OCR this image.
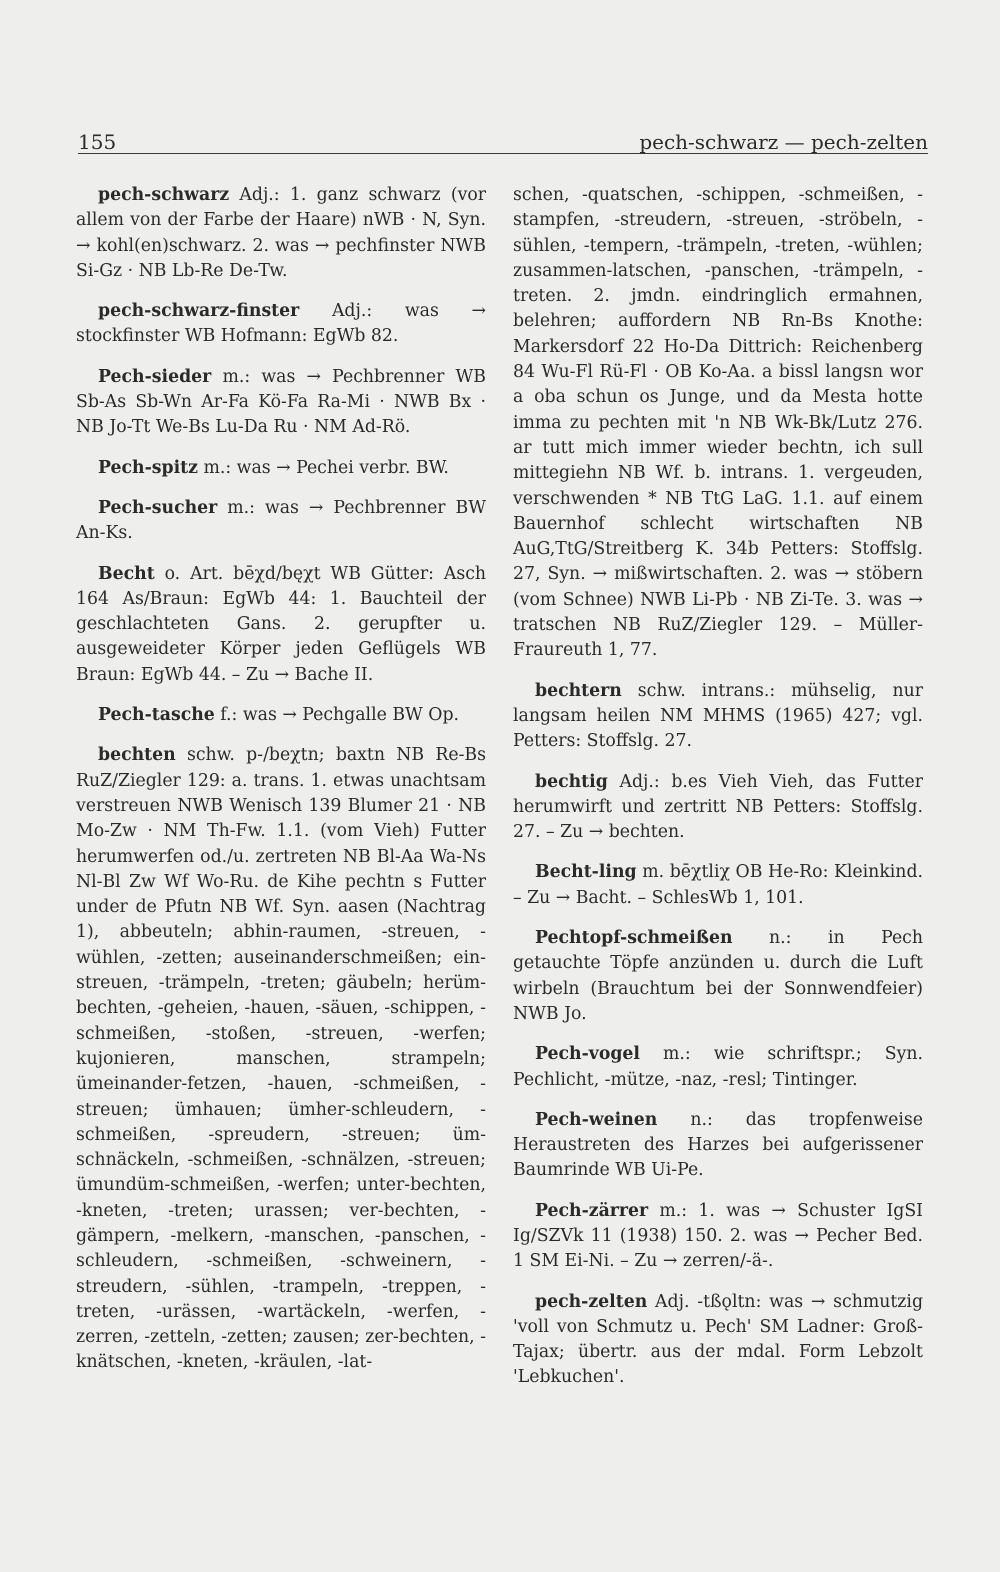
155	pech-schwarz — pech-zelten

pech-schwarz Adj.: 1. ganz schwarz (vor allem von der Farbe der Haare) nWB · N, Syn. → kohl(en)schwarz. 2. was → pechfinster NWB Si-Gz · NB Lb-Re De-Tw.

pech-schwarz-finster Adj.: was → stockfinster WB Hofmann: EgWb 82.

Pech-sieder m.: was → Pechbrenner WB Sb-As Sb-Wn Ar-Fa Kö-Fa Ra-Mi · NWB Bx · NB Jo-Tt We-Bs Lu-Da Ru · NM Ad-Rö.

Pech-spitz m.: was → Pechei verbr. BW.

Pech-sucher m.: was → Pechbrenner BW An-Ks.

Becht o. Art. bēχd/bęχt WB Gütter: Asch 164 As/Braun: EgWb 44: 1. Bauchteil der geschlachteten Gans. 2. gerupfter u. ausgeweideter Körper jeden Geflügels WB Braun: EgWb 44. – Zu → Bache II.

Pech-tasche f.: was → Pechgalle BW Op.

bechten schw. p-/beχtn; baxtn NB Re-Bs RuZ/Ziegler 129: a. trans. 1. etwas unachtsam verstreuen NWB Wenisch 139 Blumer 21 · NB Mo-Zw · NM Th-Fw. 1.1. (vom Vieh) Futter herumwerfen od./u. zertreten NB Bl-Aa Wa-Ns Nl-Bl Zw Wf Wo-Ru. de Kihe pechtn s Futter under de Pfutn NB Wf. Syn. aasen (Nachtrag 1), abbeuteln; abhin-raumen, -streuen, -wühlen, -zetten; auseinanderschmeißen; ein-streuen, -trämpeln, -treten; gäubeln; herüm-bechten, -geheien, -hauen, -säuen, -schippen, -schmeißen, -stoßen, -streuen, -werfen; kujonieren, manschen, strampeln; ümeinander-fetzen, -hauen, -schmeißen, -streuen; ümhauen; ümher-schleudern, -schmeißen, -spreudern, -streuen; üm-schnäckeln, -schmeißen, -schnälzen, -streuen; ümundüm-schmeißen, -werfen; unter-bechten, -kneten, -treten; urassen; ver-bechten, -gämpern, -melkern, -manschen, -panschen, -schleudern, -schmeißen, -schweinern, -streudern, -sühlen, -trampeln, -treppen, -treten, -urässen, -wartäckeln, -werfen, -zerren, -zetteln, -zetten; zausen; zer-bechten, -knätschen, -kneten, -kräulen, -lat-

schen, -quatschen, -schippen, -schmeißen, -stampfen, -streudern, -streuen, -ströbeln, -sühlen, -tempern, -trämpeln, -treten, -wühlen; zusammen-latschen, -panschen, -trämpeln, -treten. 2. jmdn. eindringlich ermahnen, belehren; auffordern NB Rn-Bs Knothe: Markersdorf 22 Ho-Da Dittrich: Reichenberg 84 Wu-Fl Rü-Fl · OB Ko-Aa. a bissl langsn wor a oba schun os Junge, und da Mesta hotte imma zu pechten mit 'n NB Wk-Bk/Lutz 276. ar tutt mich immer wieder bechtn, ich sull mittegiehn NB Wf. b. intrans. 1. vergeuden, verschwenden * NB TtG LaG. 1.1. auf einem Bauernhof schlecht wirtschaften NB AuG,TtG/Streitberg K. 34b Petters: Stoffslg. 27, Syn. → mißwirtschaften. 2. was → stöbern (vom Schnee) NWB Li-Pb · NB Zi-Te. 3. was → tratschen NB RuZ/Ziegler 129. – Müller-Fraureuth 1, 77.

bechtern schw. intrans.: mühselig, nur langsam heilen NM MHMS (1965) 427; vgl. Petters: Stoffslg. 27.

bechtig Adj.: b.es Vieh Vieh, das Futter herumwirft und zertritt NB Petters: Stoffslg. 27. – Zu → bechten.

Becht-ling m. bēχtliχ OB He-Ro: Kleinkind. – Zu → Bacht. – SchlesWb 1, 101.

Pechtopf-schmeißen n.: in Pech getauchte Töpfe anzünden u. durch die Luft wirbeln (Brauchtum bei der Sonnwendfeier) NWB Jo.

Pech-vogel m.: wie schriftspr.; Syn. Pechlicht, -mütze, -naz, -resl; Tintinger.

Pech-weinen n.: das tropfenweise Heraustreten des Harzes bei aufgerissener Baumrinde WB Ui-Pe.

Pech-zärrer m.: 1. was → Schuster IgSI Ig/SZVk 11 (1938) 150. 2. was → Pecher Bed. 1 SM Ei-Ni. – Zu → zerren/-ä-.

pech-zelten Adj. -tßǫltn: was → schmutzig 'voll von Schmutz u. Pech' SM Ladner: Groß-Tajax; übertr. aus der mdal. Form Lebzolt 'Lebkuchen'.
